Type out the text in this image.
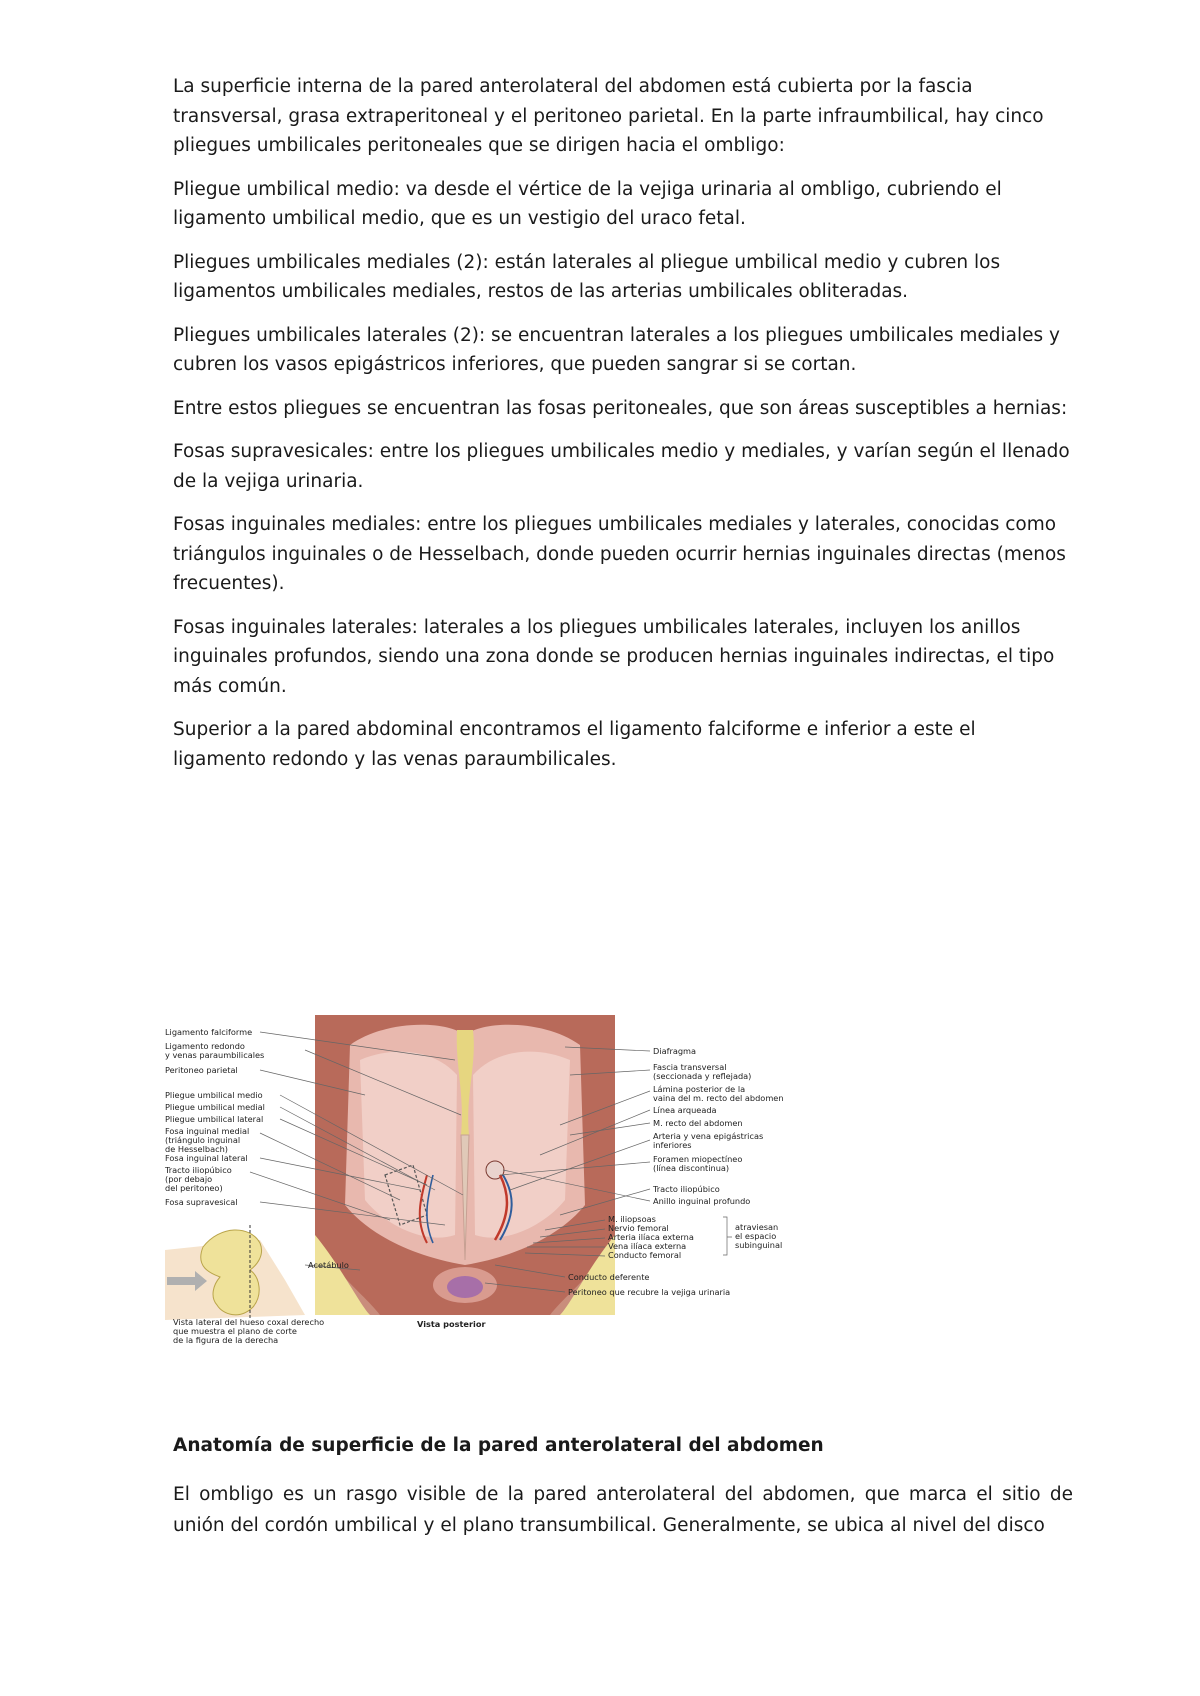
La superficie interna de la pared anterolateral del abdomen está cubierta por la fascia transversal, grasa extraperitoneal y el peritoneo parietal. En la parte infraumbilical, hay cinco pliegues umbilicales peritoneales que se dirigen hacia el ombligo:

Pliegue umbilical medio: va desde el vértice de la vejiga urinaria al ombligo, cubriendo el ligamento umbilical medio, que es un vestigio del uraco fetal.

Pliegues umbilicales mediales (2): están laterales al pliegue umbilical medio y cubren los ligamentos umbilicales mediales, restos de las arterias umbilicales obliteradas.

Pliegues umbilicales laterales (2): se encuentran laterales a los pliegues umbilicales mediales y cubren los vasos epigástricos inferiores, que pueden sangrar si se cortan.

Entre estos pliegues se encuentran las fosas peritoneales, que son áreas susceptibles a hernias:

Fosas supravesicales: entre los pliegues umbilicales medio y mediales, y varían según el llenado de la vejiga urinaria.

Fosas inguinales mediales: entre los pliegues umbilicales mediales y laterales, conocidas como triángulos inguinales o de Hesselbach, donde pueden ocurrir hernias inguinales directas (menos frecuentes).

Fosas inguinales laterales: laterales a los pliegues umbilicales laterales, incluyen los anillos inguinales profundos, siendo una zona donde se producen hernias inguinales indirectas, el tipo más común.

Superior a la pared abdominal encontramos el ligamento falciforme e inferior a este el ligamento redondo y las venas paraumbilicales.

Ligamento falciforme
Ligamento redondo
y venas paraumbilicales
Peritoneo parietal
Pliegue umbilical medio
Pliegue umbilical medial
Pliegue umbilical lateral
Fosa inguinal medial
(triángulo inguinal
de Hesselbach)
Fosa inguinal lateral
Tracto iliopúbico
(por debajo
del peritoneo)
Fosa supravesical
Diafragma
Fascia transversal
(seccionada y reflejada)
Lámina posterior de la
vaina del m. recto del abdomen
Línea arqueada
M. recto del abdomen
Arteria y vena epigástricas
inferiores
Foramen miopectíneo
(línea discontinua)
Tracto iliopúbico
Anillo inguinal profundo
M. iliopsoas
Nervio femoral
Arteria ilíaca externa
Vena ilíaca externa
Conducto femoral
atraviesan
el espacio
subinguinal
Conducto deferente
Peritoneo que recubre la vejiga urinaria
Acetábulo
Vista posterior
Vista lateral del hueso coxal derecho
que muestra el plano de corte
de la figura de la derecha
Anatomía de superficie de la pared anterolateral del abdomen

El ombligo es un rasgo visible de la pared anterolateral del abdomen, que marca el sitio de unión del cordón umbilical y el plano transumbilical. Generalmente, se ubica al nivel del disco
